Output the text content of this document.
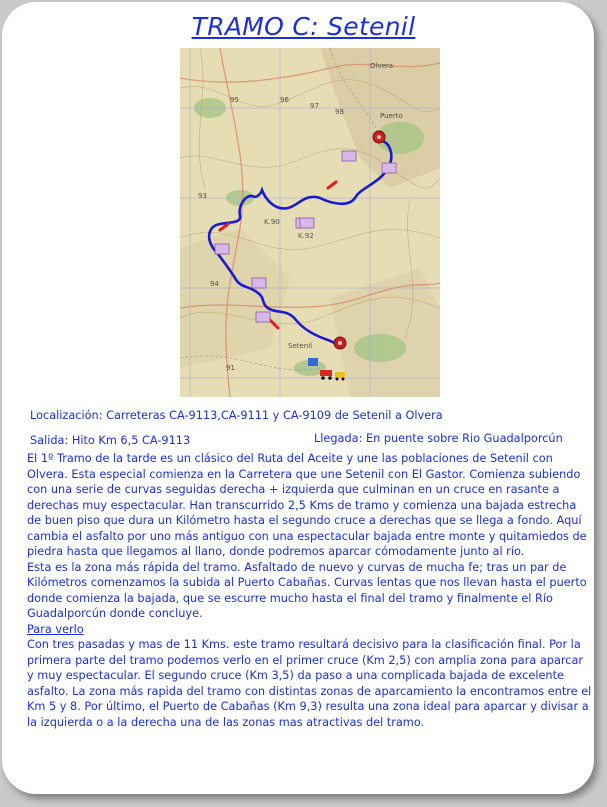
TRAMO C: Setenil
95	96
97
98
93
94
91
K.90
K.92
Puerto
Setenil
Olvera
Localización: Carreteras CA-9113,CA-9111 y CA-9109 de Setenil a Olvera
Salida: Hito Km 6,5 CA-9113	Llegada: En puente sobre Rio Guadalporcún

El 1º Tramo de la tarde es un clásico del Ruta del Aceite y une las poblaciones de Setenil con Olvera. Esta especial comienza en la Carretera que une Setenil con El Gastor. Comienza subiendo con una serie de curvas seguidas derecha + izquierda que culminan en un cruce en rasante a derechas muy espectacular. Han transcurrido 2,5 Kms de tramo y comienza una bajada estrecha de buen piso que dura un Kilómetro hasta el segundo cruce a derechas que se llega a fondo. Aquí cambia el asfalto por uno más antiguo con una espectacular bajada entre monte y quitamiedos de piedra hasta que llegamos al llano, donde podremos aparcar cómodamente junto al río.

Esta es la zona más rápida del tramo. Asfaltado de nuevo y curvas de mucha fe; tras un par de Kilómetros comenzamos la subida al Puerto Cabañas. Curvas lentas que nos llevan hasta el puerto donde comienza la bajada, que se escurre mucho hasta el final del tramo y finalmente el Río Guadalporcún donde concluye.

Para verlo

Con tres pasadas y mas de 11 Kms. este tramo resultará decisivo para la clasificación final. Por la primera parte del tramo podemos verlo en el primer cruce (Km 2,5) con amplia zona para aparcar y muy espectacular. El segundo cruce (Km 3,5) da paso a una complicada bajada de excelente asfalto. La zona más rapida del tramo con distintas zonas de aparcamiento la encontramos entre el Km 5 y 8. Por último, el Puerto de Cabañas (Km 9,3) resulta una zona ideal para aparcar y divisar a la izquierda o a la derecha una de las zonas mas atractivas del tramo.
